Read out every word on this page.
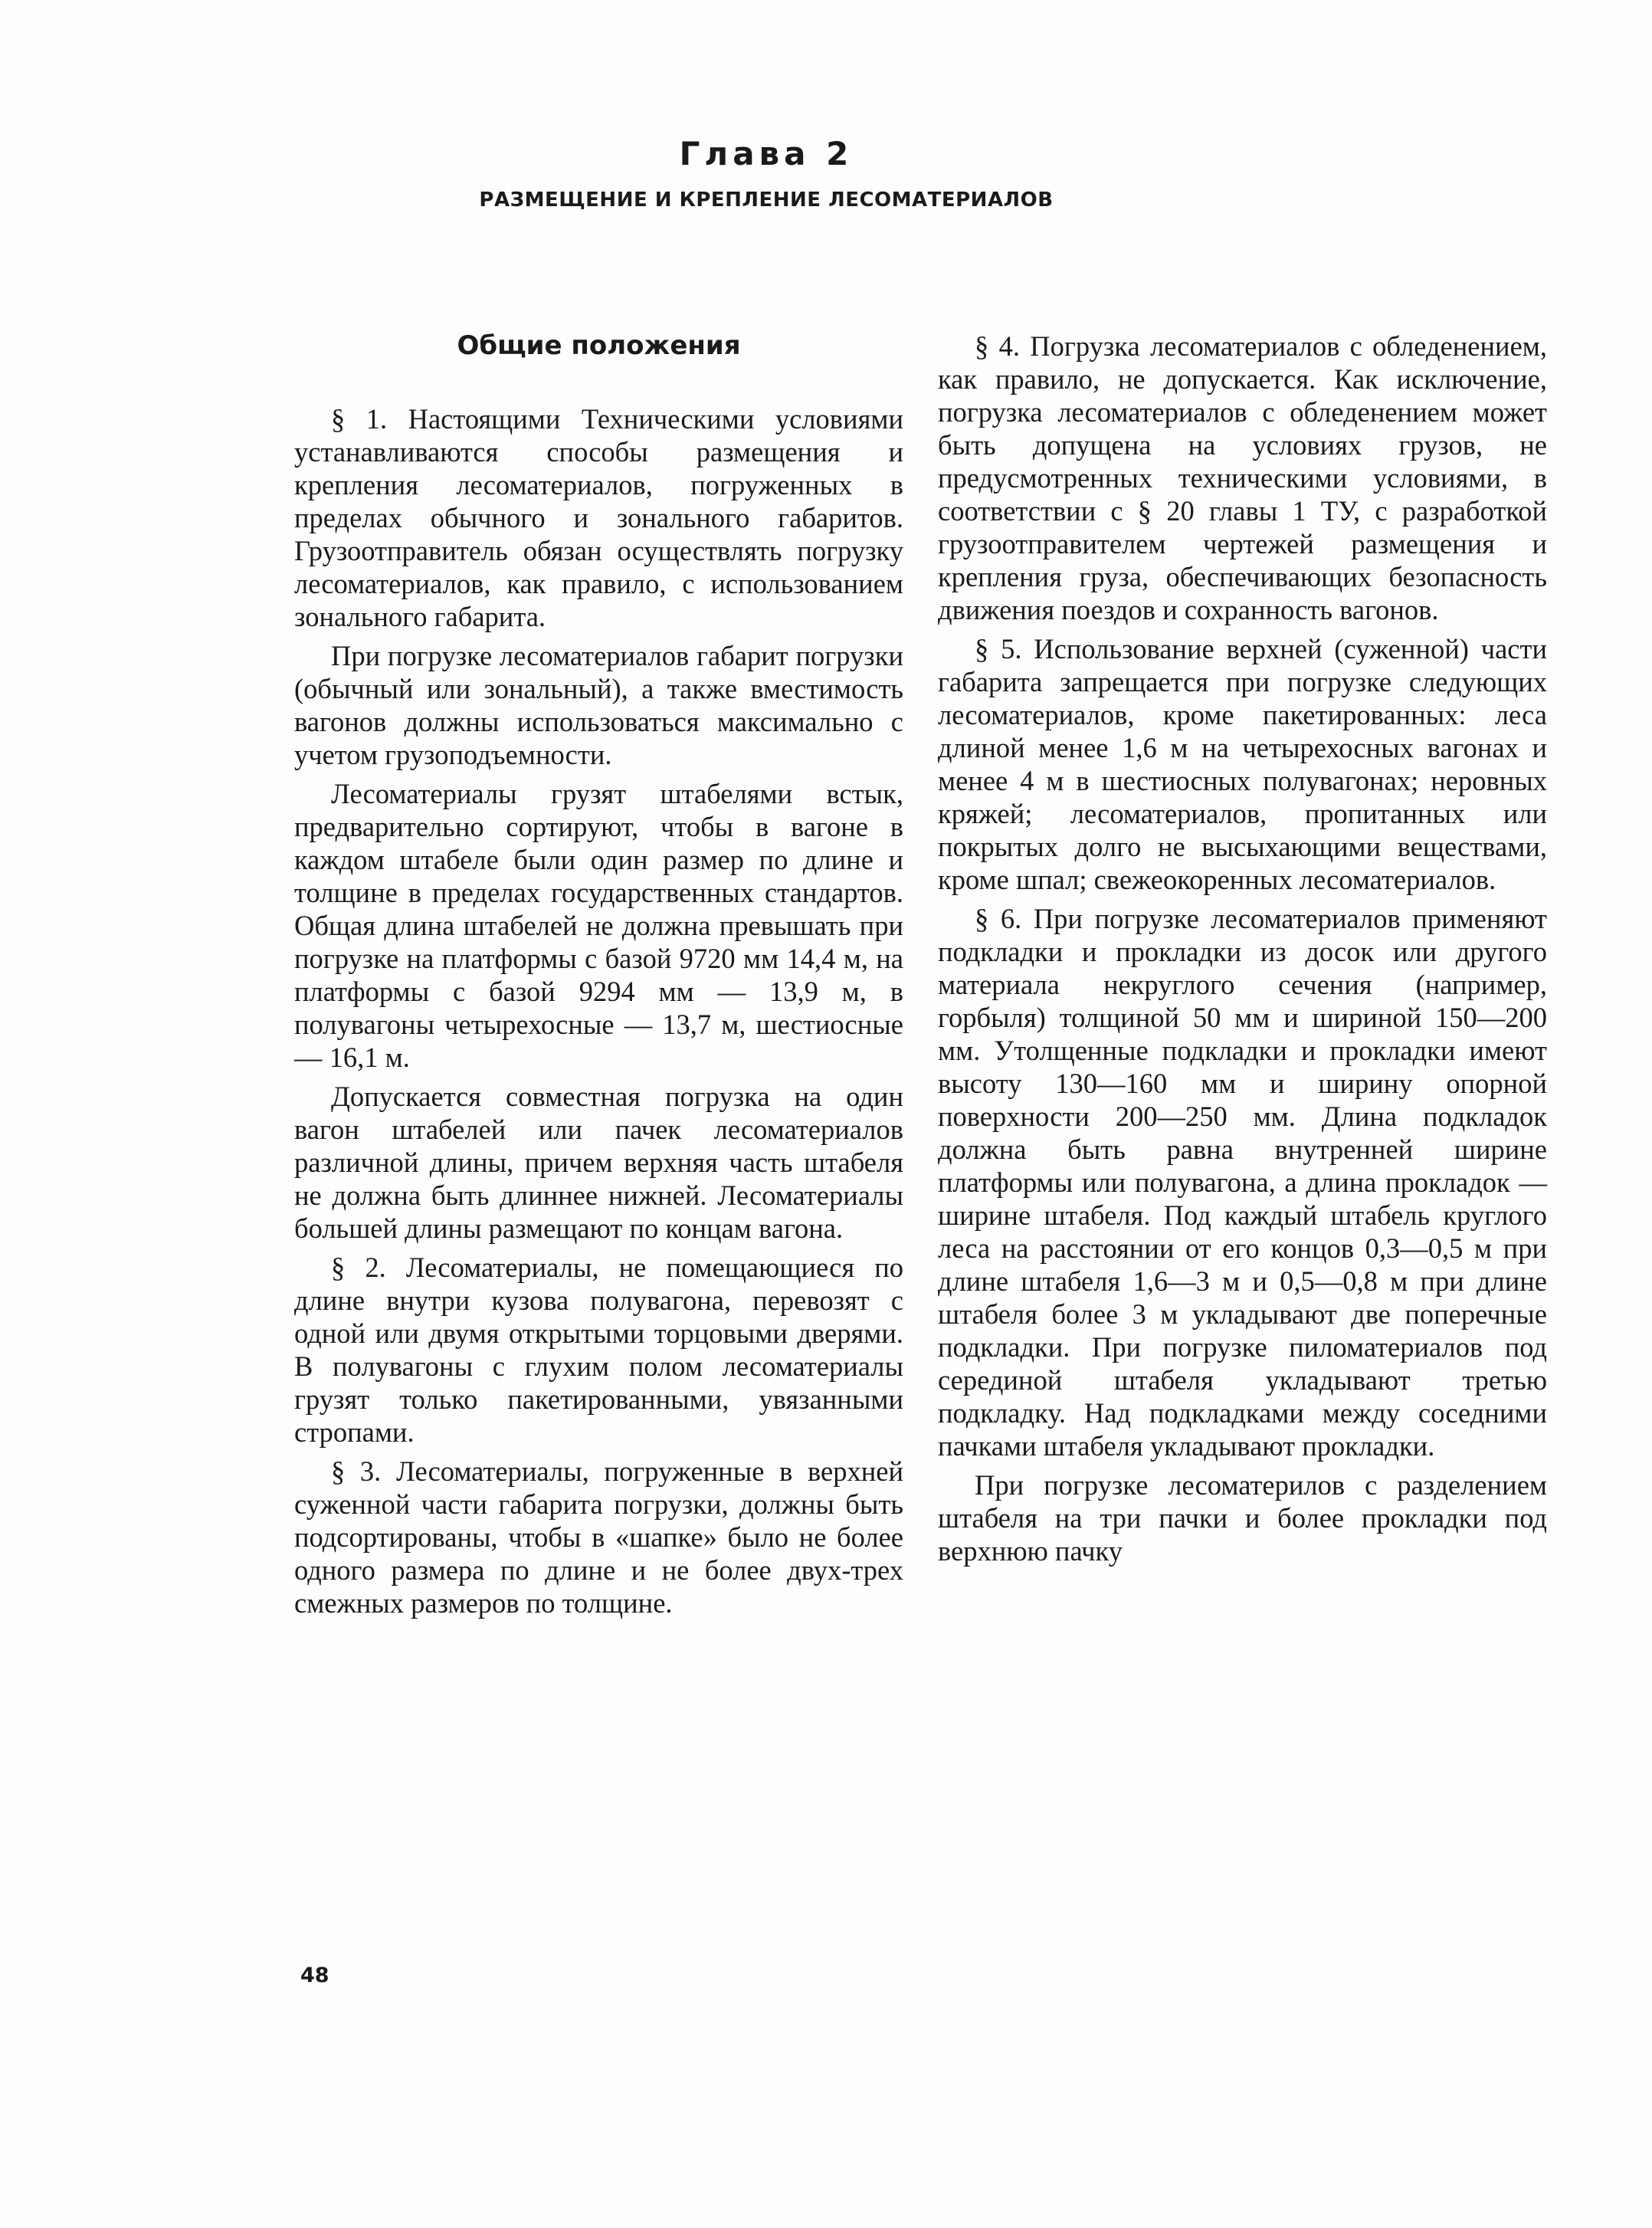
Глава 2
РАЗМЕЩЕНИЕ И КРЕПЛЕНИЕ ЛЕСОМАТЕРИАЛОВ
Общие положения

§ 1. Настоящими Техническими условиями устанавливаются способы размещения и крепления лесоматериалов, погруженных в пределах обычного и зонального габаритов. Грузоотправитель обязан осуществлять погрузку лесоматериалов, как правило, с использованием зонального габарита.

При погрузке лесоматериалов габарит погрузки (обычный или зональный), а также вместимость вагонов должны использоваться максимально с учетом грузоподъемности.

Лесоматериалы грузят штабелями встык, предварительно сортируют, чтобы в вагоне в каждом штабеле были один размер по длине и толщине в пределах государственных стандартов. Общая длина штабелей не должна превышать при погрузке на платформы с базой 9720 мм 14,4 м, на платформы с базой 9294 мм — 13,9 м, в полувагоны четырехосные — 13,7 м, шестиосные — 16,1 м.

Допускается совместная погрузка на один вагон штабелей или пачек лесоматериалов различной длины, причем верхняя часть штабеля не должна быть длиннее нижней. Лесоматериалы большей длины размещают по концам вагона.

§ 2. Лесоматериалы, не помещающиеся по длине внутри кузова полувагона, перевозят с одной или двумя открытыми торцовыми дверями. В полувагоны с глухим полом лесоматериалы грузят только пакетированными, увязанными стропами.

§ 3. Лесоматериалы, погруженные в верхней суженной части габарита погрузки, должны быть подсортированы, чтобы в «шапке» было не более одного размера по длине и не более двух-трех смежных размеров по толщине.

§ 4. Погрузка лесоматериалов с обледенением, как правило, не допускается. Как исключение, погрузка лесоматериалов с обледенением может быть допущена на условиях грузов, не предусмотренных техническими условиями, в соответствии с § 20 главы 1 ТУ, с разработкой грузоотправителем чертежей размещения и крепления груза, обеспечивающих безопасность движения поездов и сохранность вагонов.

§ 5. Использование верхней (суженной) части габарита запрещается при погрузке следующих лесоматериалов, кроме пакетированных: леса длиной менее 1,6 м на четырехосных вагонах и менее 4 м в шестиосных полувагонах; неровных кряжей; лесоматериалов, пропитанных или покрытых долго не высыхающими веществами, кроме шпал; свежеокоренных лесоматериалов.

§ 6. При погрузке лесоматериалов применяют подкладки и прокладки из досок или другого материала некруглого сечения (например, горбыля) толщиной 50 мм и шириной 150—200 мм. Утолщенные подкладки и прокладки имеют высоту 130—160 мм и ширину опорной поверхности 200—250 мм. Длина подкладок должна быть равна внутренней ширине платформы или полувагона, а длина прокладок — ширине штабеля. Под каждый штабель круглого леса на расстоянии от его концов 0,3—0,5 м при длине штабеля 1,6—3 м и 0,5—0,8 м при длине штабеля более 3 м укладывают две поперечные подкладки. При погрузке пиломатериалов под серединой штабеля укладывают третью подкладку. Над подкладками между соседними пачками штабеля укладывают прокладки.

При погрузке лесоматерилов с разделением штабеля на три пачки и более прокладки под верхнюю пачку

48
